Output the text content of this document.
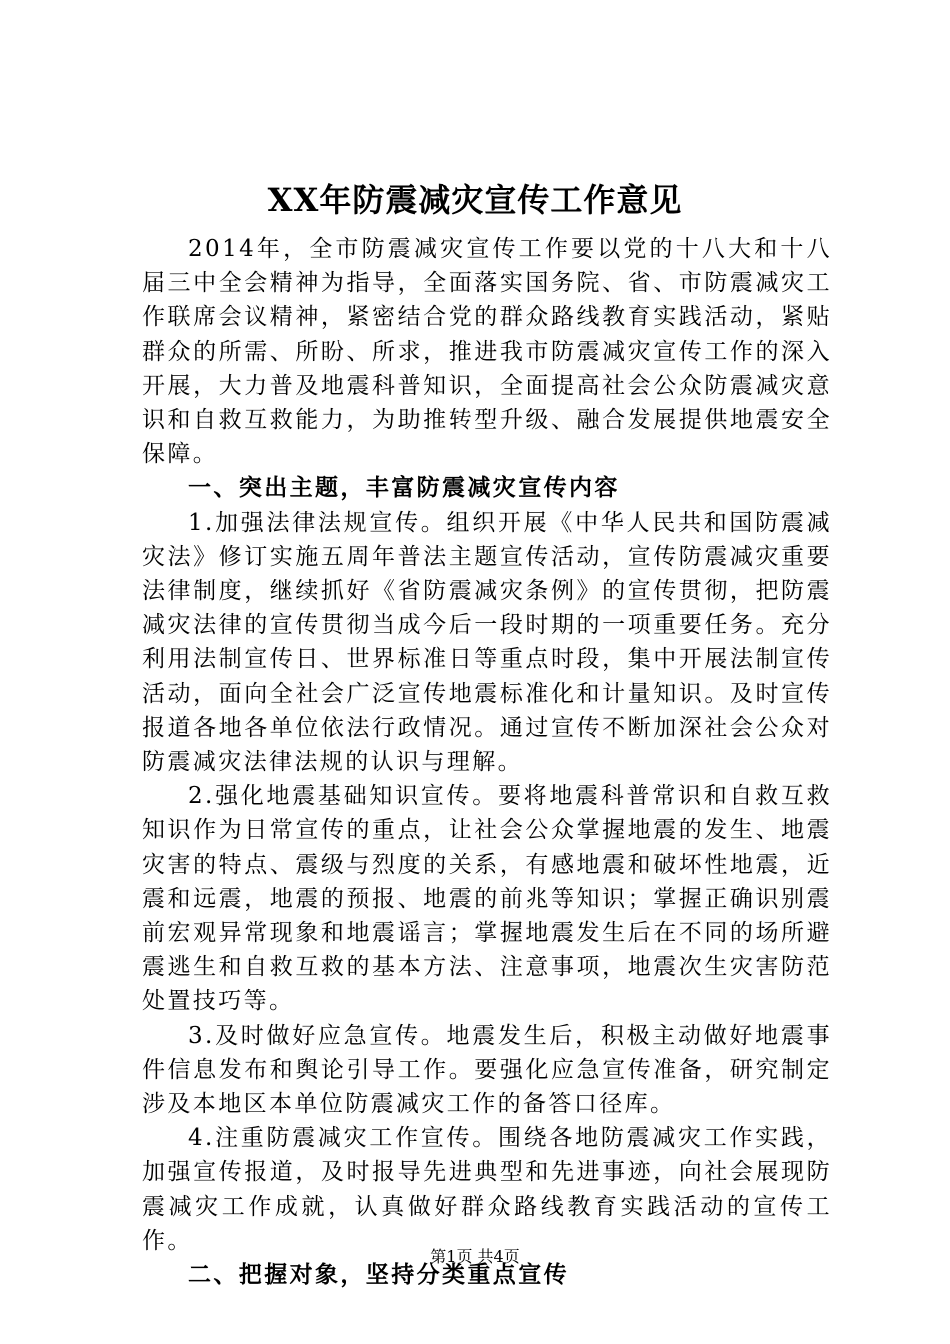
XX年防震减灾宣传工作意见

2014年，全市防震减灾宣传工作要以党的十八大和十八届三中全会精神为指导，全面落实国务院、省、市防震减灾工作联席会议精神，紧密结合党的群众路线教育实践活动，紧贴群众的所需、所盼、所求，推进我市防震减灾宣传工作的深入开展，大力普及地震科普知识，全面提高社会公众防震减灾意识和自救互救能力，为助推转型升级、融合发展提供地震安全保障。

一、突出主题，丰富防震减灾宣传内容

1.加强法律法规宣传。组织开展《中华人民共和国防震减灾法》修订实施五周年普法主题宣传活动，宣传防震减灾重要法律制度，继续抓好《省防震减灾条例》的宣传贯彻，把防震减灾法律的宣传贯彻当成今后一段时期的一项重要任务。充分利用法制宣传日、世界标准日等重点时段，集中开展法制宣传活动，面向全社会广泛宣传地震标准化和计量知识。及时宣传报道各地各单位依法行政情况。通过宣传不断加深社会公众对防震减灾法律法规的认识与理解。

2.强化地震基础知识宣传。要将地震科普常识和自救互救知识作为日常宣传的重点，让社会公众掌握地震的发生、地震灾害的特点、震级与烈度的关系，有感地震和破坏性地震，近震和远震，地震的预报、地震的前兆等知识；掌握正确识别震前宏观异常现象和地震谣言；掌握地震发生后在不同的场所避震逃生和自救互救的基本方法、注意事项，地震次生灾害防范处置技巧等。

3.及时做好应急宣传。地震发生后，积极主动做好地震事件信息发布和舆论引导工作。要强化应急宣传准备，研究制定涉及本地区本单位防震减灾工作的备答口径库。

4.注重防震减灾工作宣传。围绕各地防震减灾工作实践，加强宣传报道，及时报导先进典型和先进事迹，向社会展现防震减灾工作成就，认真做好群众路线教育实践活动的宣传工作。

二、把握对象，坚持分类重点宣传

第1页 共4页
